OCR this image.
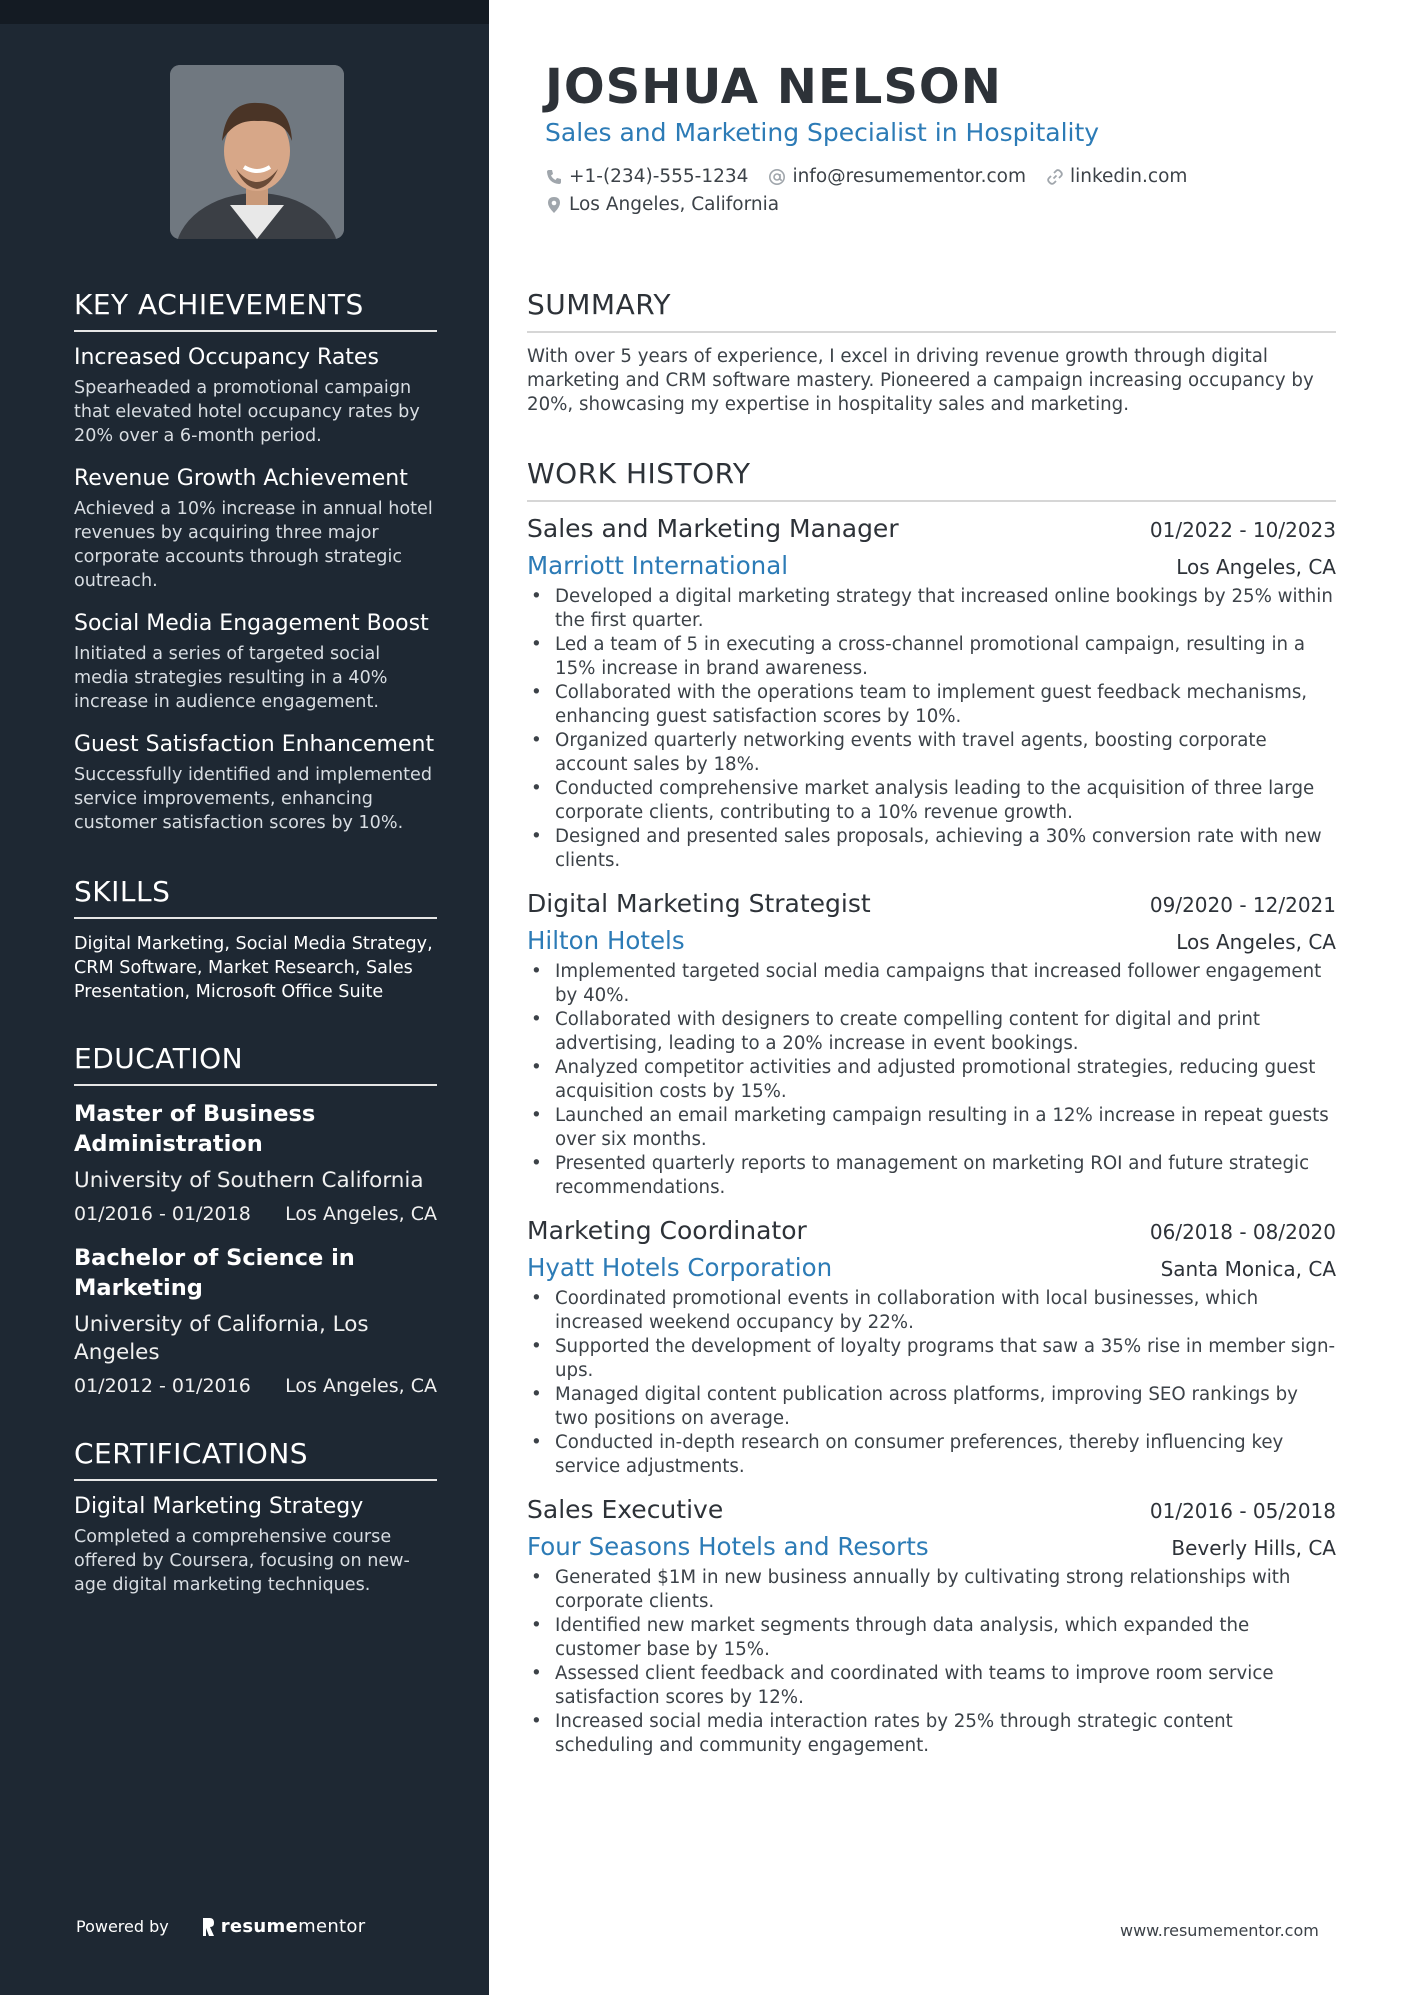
KEY ACHIEVEMENTS
Increased Occupancy Rates
Spearheaded a promotional campaign that elevated hotel occupancy rates by 20% over a 6-month period.
Revenue Growth Achievement
Achieved a 10% increase in annual hotel revenues by acquiring three major corporate accounts through strategic outreach.
Social Media Engagement Boost
Initiated a series of targeted social media strategies resulting in a 40% increase in audience engagement.
Guest Satisfaction Enhancement
Successfully identified and implemented service improvements, enhancing customer satisfaction scores by 10%.
SKILLS
Digital Marketing, Social Media Strategy, CRM Software, Market Research, Sales Presentation, Microsoft Office Suite
EDUCATION
Master of Business Administration
University of Southern California
01/2016 - 01/2018 Los Angeles, CA
Bachelor of Science in Marketing
University of California, Los Angeles
01/2012 - 01/2016 Los Angeles, CA
CERTIFICATIONS
Digital Marketing Strategy
Completed a comprehensive course offered by Coursera, focusing on new-age digital marketing techniques.
Powered by	resume mentor
JOSHUA NELSON
Sales and Marketing Specialist in Hospitality
+1-(234)-555-1234 info@resumementor.com linkedin.com
Los Angeles, California
SUMMARY
With over 5 years of experience, I excel in driving revenue growth through digital marketing and CRM software mastery. Pioneered a campaign increasing occupancy by 20%, showcasing my expertise in hospitality sales and marketing.
WORK HISTORY
Sales and Marketing Manager	01/2022 - 10/2023
Marriott International	Los Angeles, CA
• Developed a digital marketing strategy that increased online bookings by 25% within the first quarter.
• Led a team of 5 in executing a cross-channel promotional campaign, resulting in a 15% increase in brand awareness.
• Collaborated with the operations team to implement guest feedback mechanisms, enhancing guest satisfaction scores by 10%.
• Organized quarterly networking events with travel agents, boosting corporate account sales by 18%.
• Conducted comprehensive market analysis leading to the acquisition of three large corporate clients, contributing to a 10% revenue growth.
• Designed and presented sales proposals, achieving a 30% conversion rate with new clients.
Digital Marketing Strategist	09/2020 - 12/2021
Hilton Hotels	Los Angeles, CA
• Implemented targeted social media campaigns that increased follower engagement by 40%.
• Collaborated with designers to create compelling content for digital and print advertising, leading to a 20% increase in event bookings.
• Analyzed competitor activities and adjusted promotional strategies, reducing guest acquisition costs by 15%.
• Launched an email marketing campaign resulting in a 12% increase in repeat guests over six months.
• Presented quarterly reports to management on marketing ROI and future strategic recommendations.
Marketing Coordinator	06/2018 - 08/2020
Hyatt Hotels Corporation	Santa Monica, CA
• Coordinated promotional events in collaboration with local businesses, which increased weekend occupancy by 22%.
• Supported the development of loyalty programs that saw a 35% rise in member sign-ups.
• Managed digital content publication across platforms, improving SEO rankings by two positions on average.
• Conducted in-depth research on consumer preferences, thereby influencing key service adjustments.
Sales Executive	01/2016 - 05/2018
Four Seasons Hotels and Resorts	Beverly Hills, CA
• Generated $1M in new business annually by cultivating strong relationships with corporate clients.
• Identified new market segments through data analysis, which expanded the customer base by 15%.
• Assessed client feedback and coordinated with teams to improve room service satisfaction scores by 12%.
• Increased social media interaction rates by 25% through strategic content scheduling and community engagement.
www.resumementor.com
